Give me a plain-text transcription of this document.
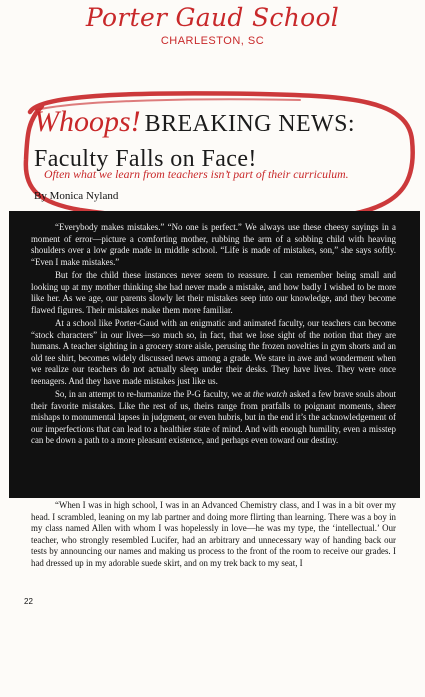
Porter Gaud School
CHARLESTON, SC
Whoops! BREAKING NEWS:
Faculty Falls on Face!
Often what we learn from teachers isn’t part of their curriculum.
By Monica Nyland

“Everybody makes mistakes.” “No one is perfect.” We always use these cheesy sayings in a moment of error—picture a comforting mother, rubbing the arm of a sobbing child with heaving shoulders over a low grade made in middle school. “Life is made of mistakes, son,” she says softly. “Even I make mistakes.”

But for the child these instances never seem to reassure. I can remember being small and looking up at my mother thinking she had never made a mistake, and how badly I wished to be more like her. As we age, our parents slowly let their mistakes seep into our knowledge, and they become flawed figures. Their mistakes make them more familiar.

At a school like Porter-Gaud with an enigmatic and animated faculty, our teachers can become “stock characters” in our lives—so much so, in fact, that we lose sight of the notion that they are humans. A teacher sighting in a grocery store aisle, perusing the frozen novelties in gym shorts and an old tee shirt, becomes widely discussed news among a grade. We stare in awe and wonderment when we realize our teachers do not actually sleep under their desks. They have lives. They were once teenagers. And they have made mistakes just like us.

So, in an attempt to re-humanize the P-G faculty, we at the watch asked a few brave souls about their favorite mistakes. Like the rest of us, theirs range from pratfalls to poignant moments, sheer mishaps to monumental lapses in judgment, or even hubris, but in the end it’s the acknowledgement of our imperfections that can lead to a healthier state of mind. And with enough humility, even a misstep can be down a path to a more pleasant existence, and perhaps even toward our destiny.

“When I was in high school, I was in an Advanced Chemistry class, and I was in a bit over my head. I scrambled, leaning on my lab partner and doing more flirting than learning. There was a boy in my class named Allen with whom I was hopelessly in love—he was my type, the ‘intellectual.’ Our teacher, who strongly resembled Lucifer, had an arbitrary and unnecessary way of handing back our tests by announcing our names and making us process to the front of the room to receive our grades. I had dressed up in my adorable suede skirt, and on my trek back to my seat, I

22
